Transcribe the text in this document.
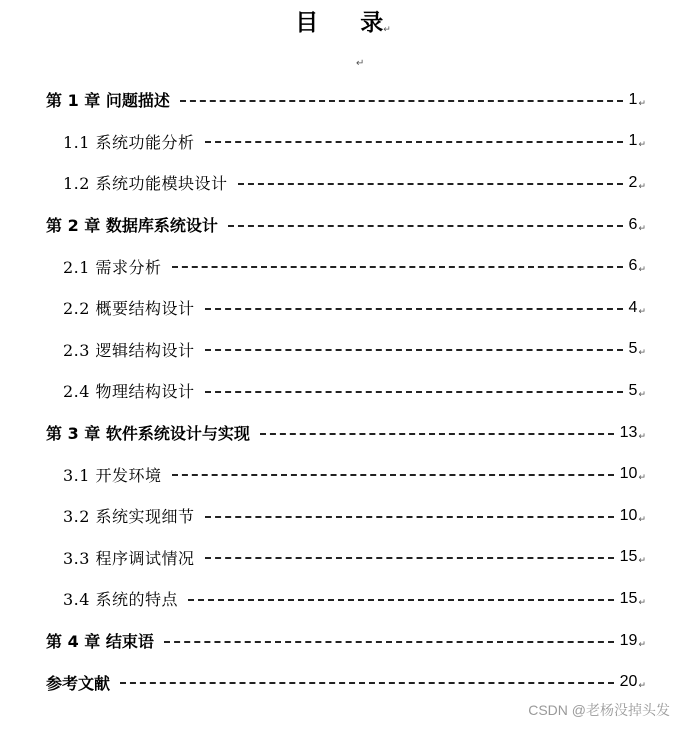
目 录↵
↵
第 1 章 问题描述	1↵
1.1 系统功能分析	1↵
1.2 系统功能模块设计	2↵
第 2 章 数据库系统设计	6↵
2.1 需求分析	6↵
2.2 概要结构设计	4↵
2.3 逻辑结构设计	5↵
2.4 物理结构设计	5↵
第 3 章 软件系统设计与实现	13↵
3.1 开发环境	10↵
3.2 系统实现细节	10↵
3.3 程序调试情况	15↵
3.4 系统的特点	15↵
第 4 章 结束语	19↵
参考文献	20↵
CSDN @老杨没掉头发
